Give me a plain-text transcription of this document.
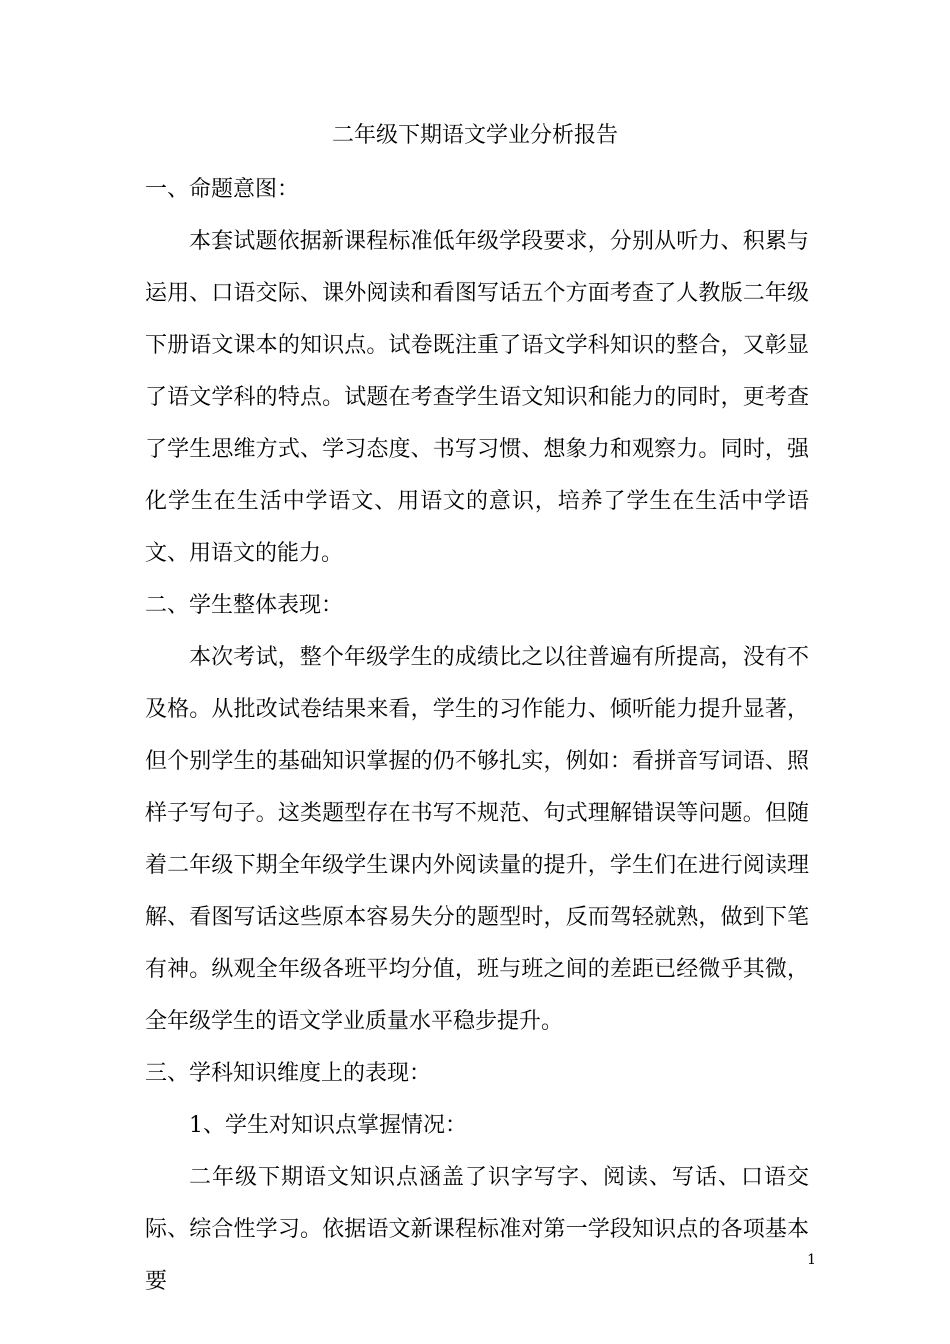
二年级下期语文学业分析报告

一、命题意图：

本套试题依据新课程标准低年级学段要求，分别从听力、积累与运用、口语交际、课外阅读和看图写话五个方面考查了人教版二年级下册语文课本的知识点。试卷既注重了语文学科知识的整合，又彰显了语文学科的特点。试题在考查学生语文知识和能力的同时，更考查了学生思维方式、学习态度、书写习惯、想象力和观察力。同时，强化学生在生活中学语文、用语文的意识，培养了学生在生活中学语文、用语文的能力。

二、学生整体表现：

本次考试，整个年级学生的成绩比之以往普遍有所提高，没有不及格。从批改试卷结果来看，学生的习作能力、倾听能力提升显著，但个别学生的基础知识掌握的仍不够扎实，例如：看拼音写词语、照样子写句子。这类题型存在书写不规范、句式理解错误等问题。但随着二年级下期全年级学生课内外阅读量的提升，学生们在进行阅读理解、看图写话这些原本容易失分的题型时，反而驾轻就熟，做到下笔有神。纵观全年级各班平均分值，班与班之间的差距已经微乎其微，全年级学生的语文学业质量水平稳步提升。

三、学科知识维度上的表现：

1、学生对知识点掌握情况：

二年级下期语文知识点涵盖了识字写字、阅读、写话、口语交际、综合性学习。依据语文新课程标准对第一学段知识点的各项基本要

1
